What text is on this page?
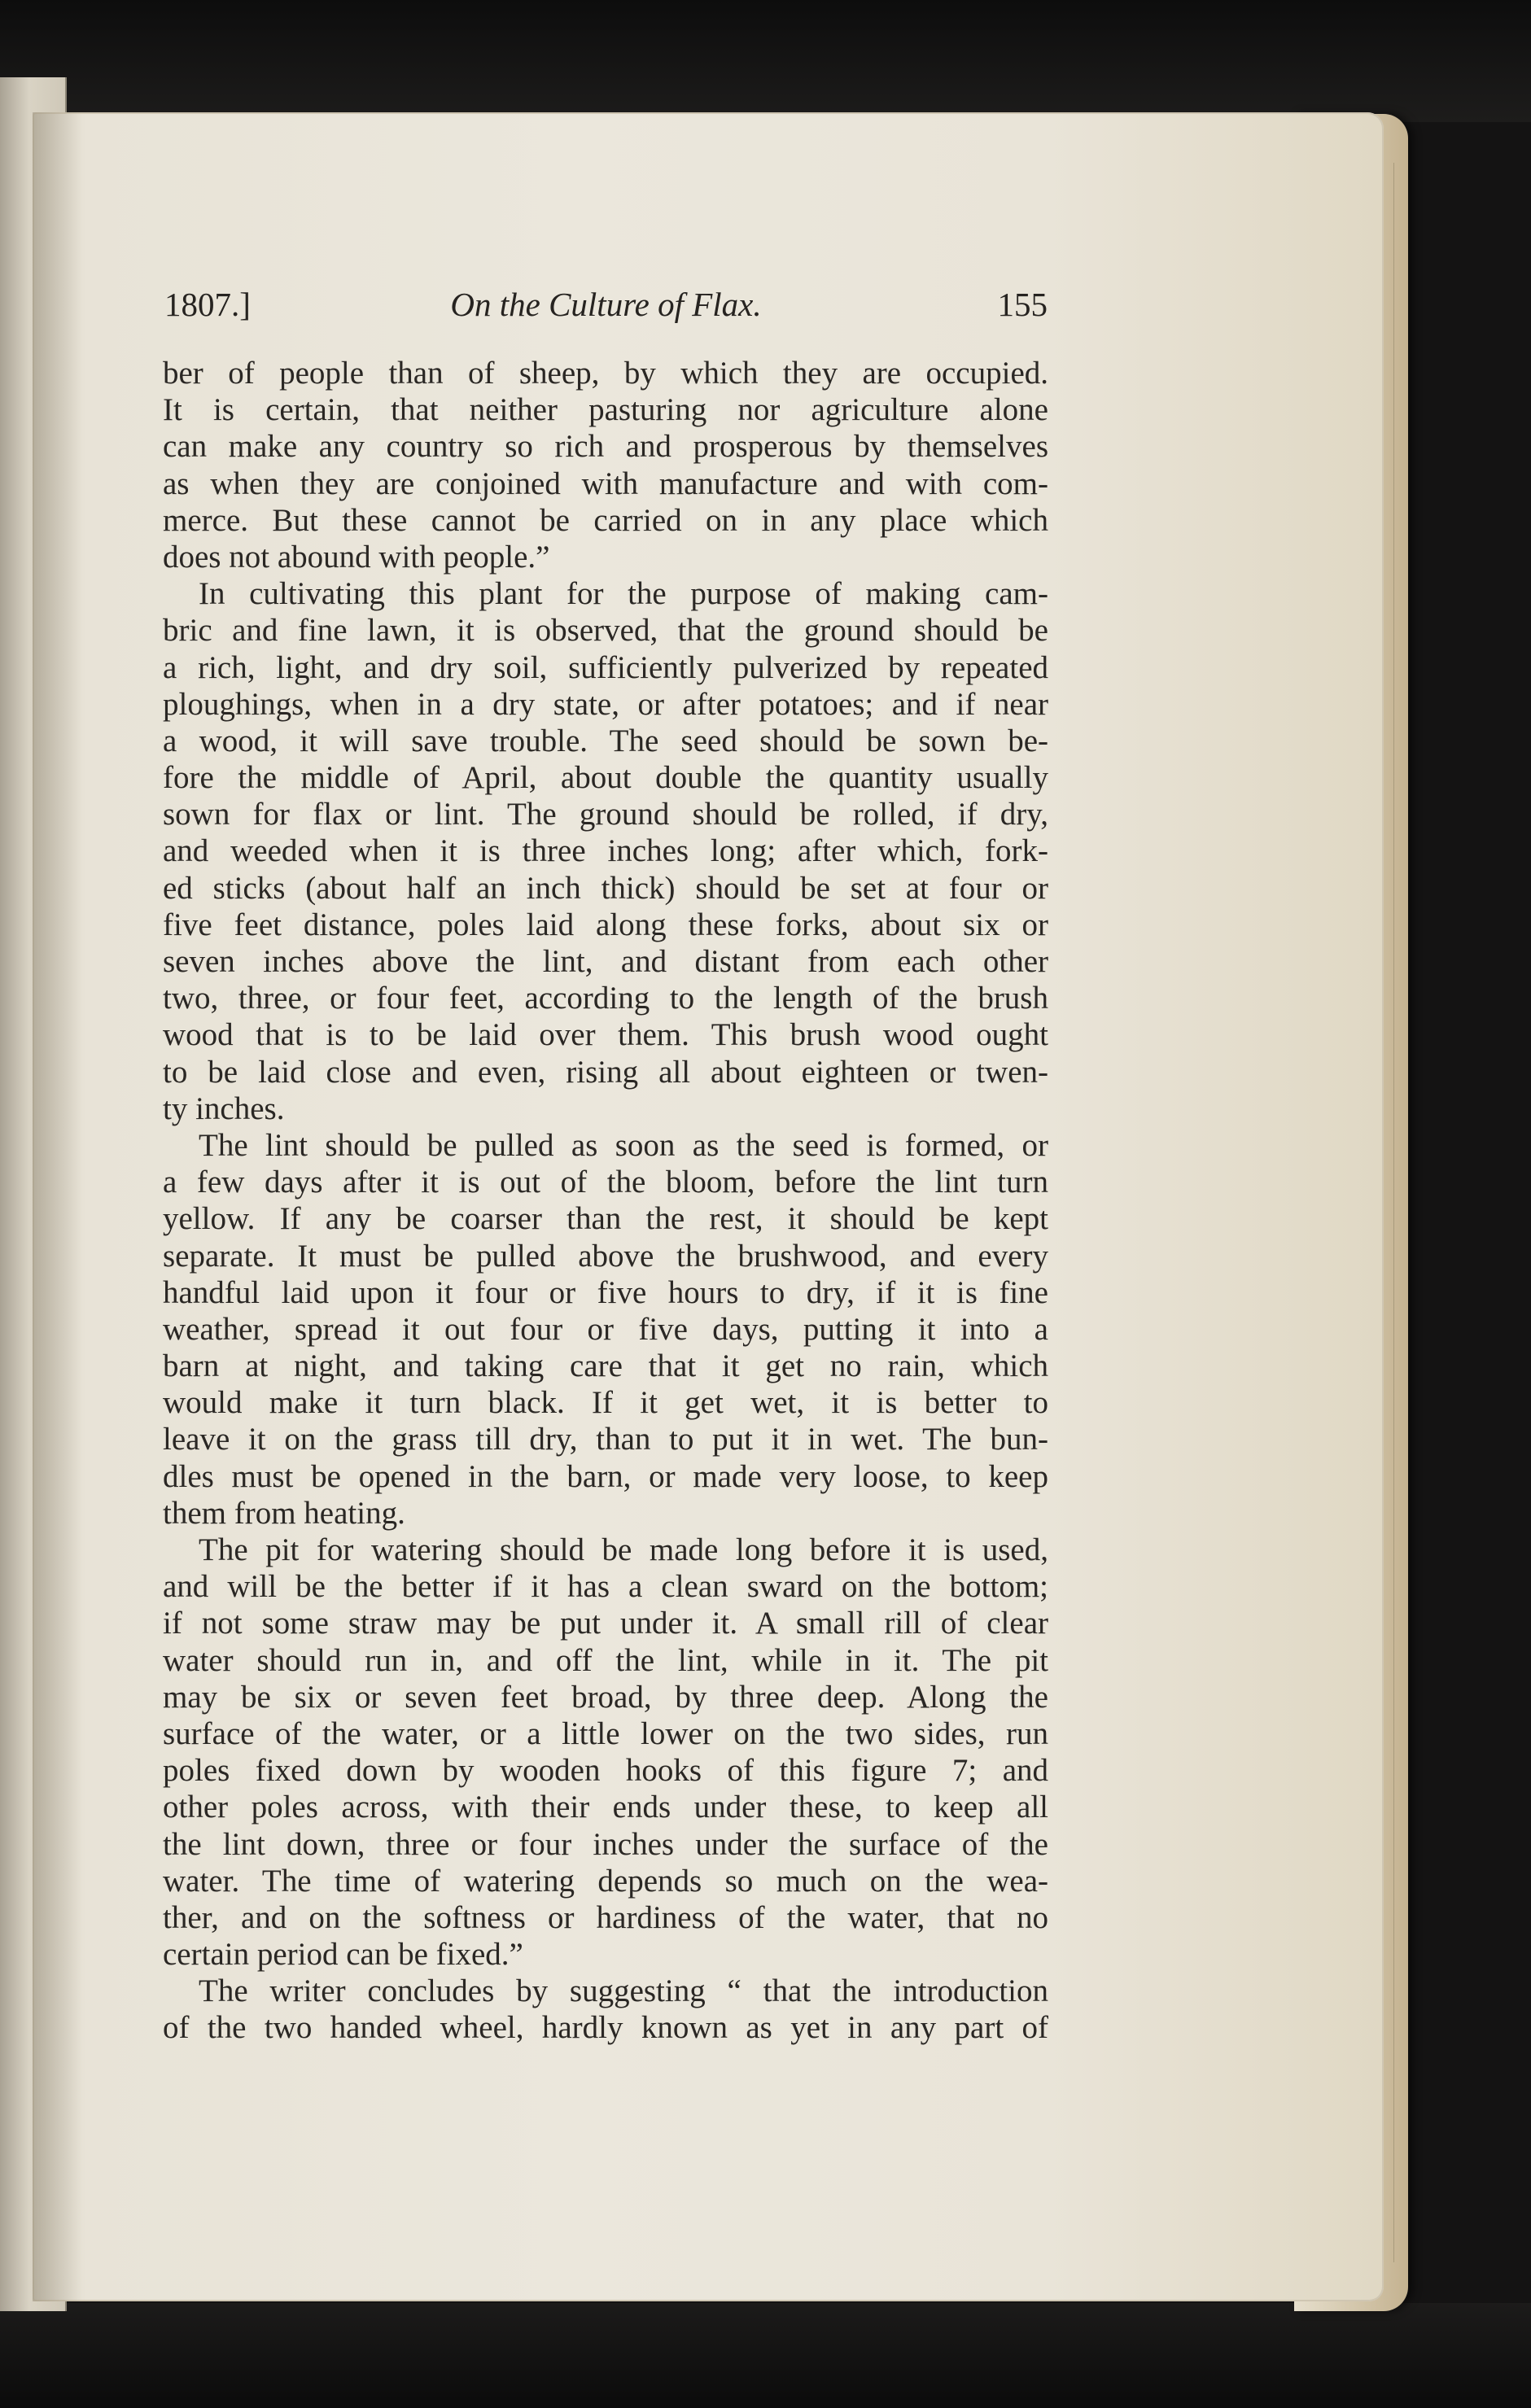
1807.]	On the Culture of Flax.	155
ber of people than of sheep, by which they are occupied.
It is certain, that neither pasturing nor agriculture alone
can make any country so rich and prosperous by themselves
as when they are conjoined with manufacture and with com-
merce. But these cannot be carried on in any place which
does not abound with people.”
In cultivating this plant for the purpose of making cam-
bric and fine lawn, it is observed, that the ground should be
a rich, light, and dry soil, sufficiently pulverized by repeated
ploughings, when in a dry state, or after potatoes; and if near
a wood, it will save trouble. The seed should be sown be-
fore the middle of April, about double the quantity usually
sown for flax or lint. The ground should be rolled, if dry,
and weeded when it is three inches long; after which, fork-
ed sticks (about half an inch thick) should be set at four or
five feet distance, poles laid along these forks, about six or
seven inches above the lint, and distant from each other
two, three, or four feet, according to the length of the brush
wood that is to be laid over them. This brush wood ought
to be laid close and even, rising all about eighteen or twen-
ty inches.
The lint should be pulled as soon as the seed is formed, or
a few days after it is out of the bloom, before the lint turn
yellow. If any be coarser than the rest, it should be kept
separate. It must be pulled above the brushwood, and every
handful laid upon it four or five hours to dry, if it is fine
weather, spread it out four or five days, putting it into a
barn at night, and taking care that it get no rain, which
would make it turn black. If it get wet, it is better to
leave it on the grass till dry, than to put it in wet. The bun-
dles must be opened in the barn, or made very loose, to keep
them from heating.
The pit for watering should be made long before it is used,
and will be the better if it has a clean sward on the bottom;
if not some straw may be put under it. A small rill of clear
water should run in, and off the lint, while in it. The pit
may be six or seven feet broad, by three deep. Along the
surface of the water, or a little lower on the two sides, run
poles fixed down by wooden hooks of this figure 7; and
other poles across, with their ends under these, to keep all
the lint down, three or four inches under the surface of the
water. The time of watering depends so much on the wea-
ther, and on the softness or hardiness of the water, that no
certain period can be fixed.”
The writer concludes by suggesting “ that the introduction
of the two handed wheel, hardly known as yet in any part of
